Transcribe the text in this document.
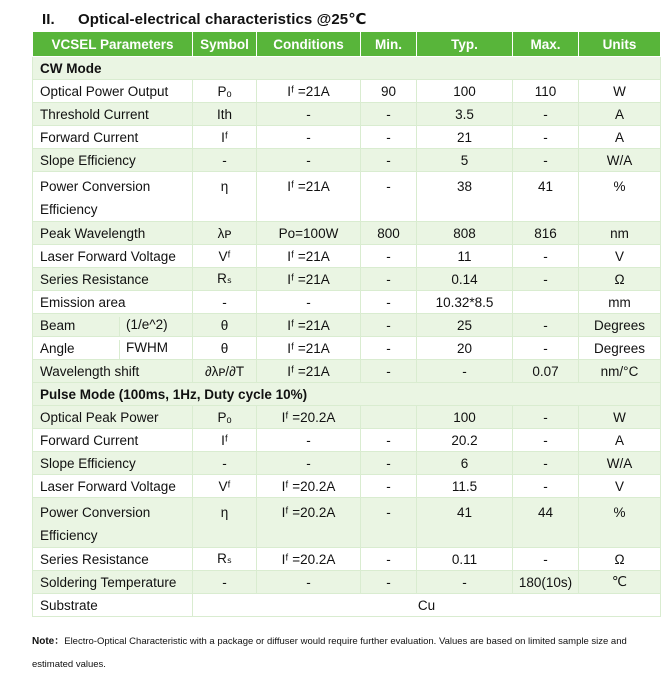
II. Optical-electrical characteristics @25℃
VCSEL Parameters	Symbol	Conditions	Min.	Typ.	Max.	Units
CW Mode						
Optical Power Output	Pₒ	Iᶠ =21A	90	100	110	W
Threshold Current	Ith	-	-	3.5	-	A
Forward Current	Iᶠ	-	-	21	-	A
Slope Efficiency	-	-	-	5	-	W/A
Power Conversion Efficiency	η	Iᶠ =21A	-	38	41	%
Peak Wavelength	λᴘ	Po=100W	800	808	816	nm
Laser Forward Voltage	Vᶠ	Iᶠ =21A	-	11	-	V
Series Resistance	Rₛ	Iᶠ =21A	-	0.14	-	Ω
Emission area	-	-	-	10.32*8.5		mm
Beam (1/e^2)	θ	Iᶠ =21A	-	25	-	Degrees
Angle FWHM	θ	Iᶠ =21A	-	20	-	Degrees
Wavelength shift	∂λᴘ/∂T	Iᶠ =21A	-	-	0.07	nm/°C
Pulse Mode (100ms, 1Hz, Duty cycle 10%)						
Optical Peak Power	Pₒ	Iᶠ =20.2A		100	-	W
Forward Current	Iᶠ	-	-	20.2	-	A
Slope Efficiency	-	-	-	6	-	W/A
Laser Forward Voltage	Vᶠ	Iᶠ =20.2A	-	11.5	-	V
Power Conversion Efficiency	η	Iᶠ =20.2A	-	41	44	%
Series Resistance	Rₛ	Iᶠ =20.2A	-	0.11	-	Ω
Soldering Temperature	-	-	-	-	180(10s)	℃
Substrate	Cu					
Note：Electro-Optical Characteristic with a package or diffuser would require further evaluation. Values are based on limited sample size and estimated values.
